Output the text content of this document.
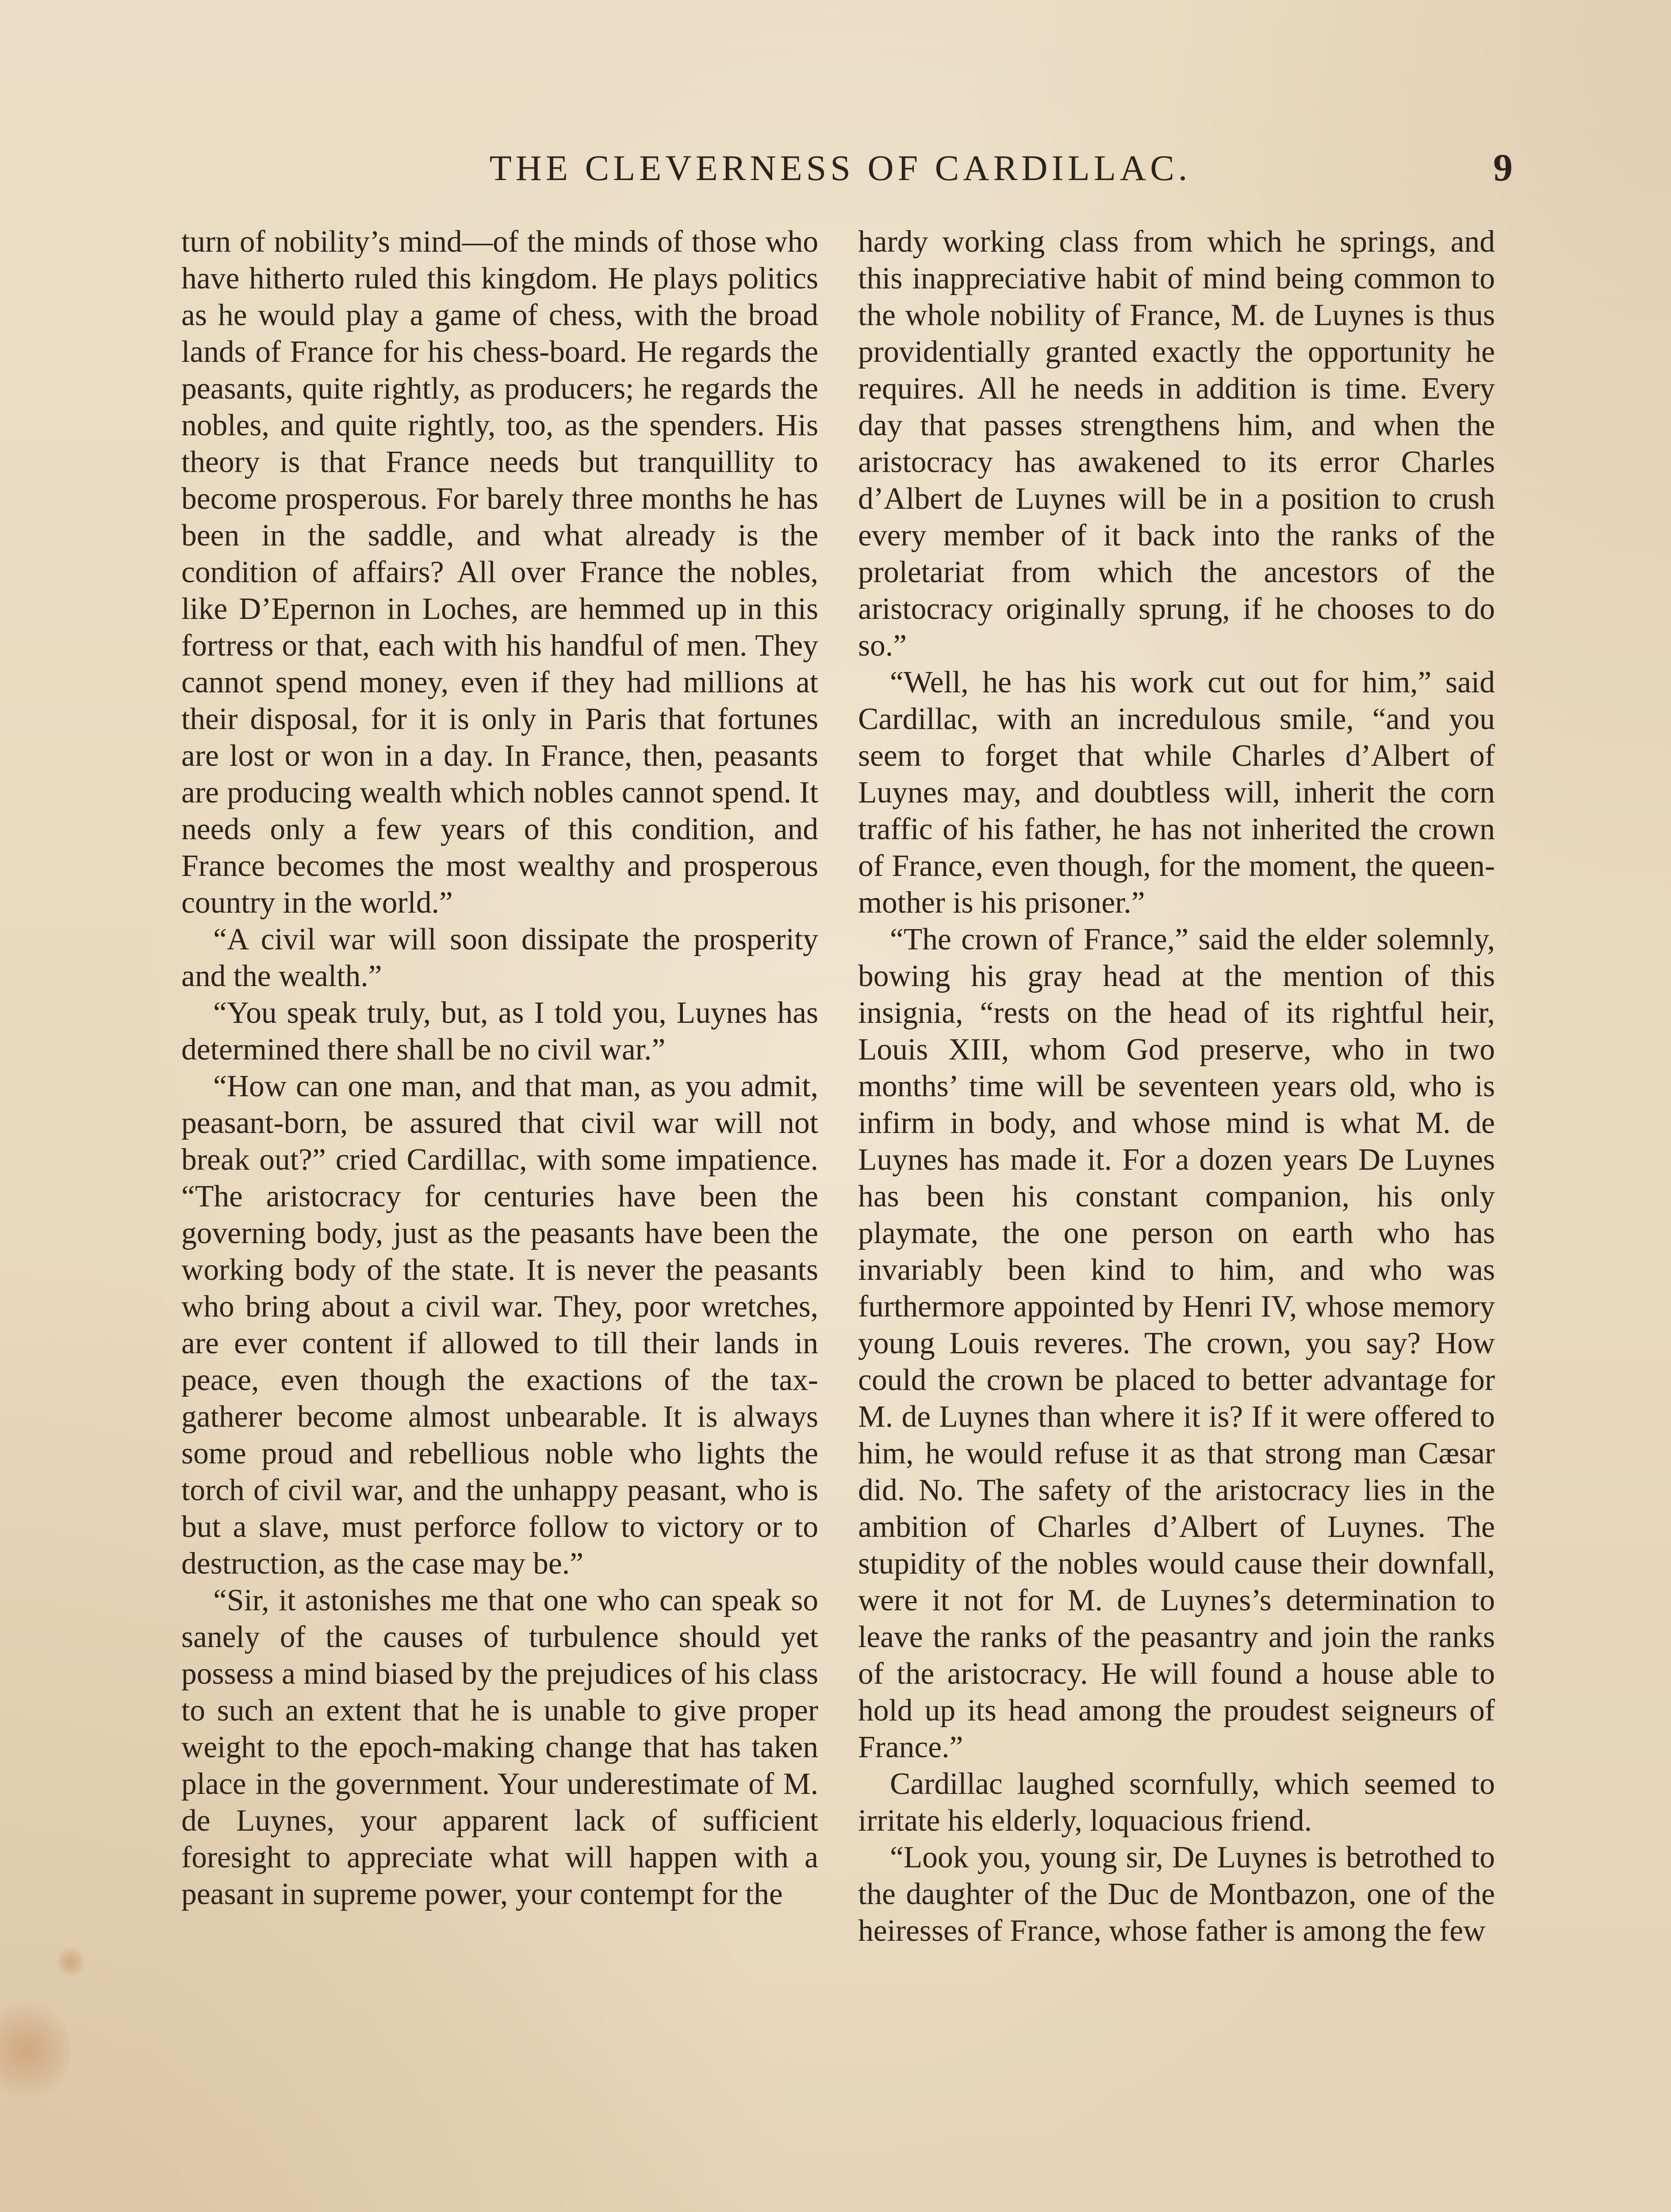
THE CLEVERNESS OF CARDILLAC.	9

turn of nobility’s mind—of the minds of those who have hitherto ruled this kingdom. He plays politics as he would play a game of chess, with the broad lands of France for his chess-board. He regards the peasants, quite rightly, as producers; he regards the nobles, and quite rightly, too, as the spenders. His theory is that France needs but tranquillity to become prosperous. For barely three months he has been in the saddle, and what already is the condition of affairs? All over France the nobles, like D’Epernon in Loches, are hemmed up in this fortress or that, each with his handful of men. They cannot spend money, even if they had millions at their disposal, for it is only in Paris that fortunes are lost or won in a day. In France, then, peasants are producing wealth which nobles cannot spend. It needs only a few years of this condition, and France becomes the most wealthy and prosperous country in the world.”

“A civil war will soon dissipate the prosperity and the wealth.”

“You speak truly, but, as I told you, Luynes has determined there shall be no civil war.”

“How can one man, and that man, as you admit, peasant-born, be assured that civil war will not break out?” cried Cardillac, with some impatience. “The aristocracy for centuries have been the governing body, just as the peasants have been the working body of the state. It is never the peasants who bring about a civil war. They, poor wretches, are ever content if allowed to till their lands in peace, even though the exactions of the tax-gatherer become almost unbearable. It is always some proud and rebellious noble who lights the torch of civil war, and the unhappy peasant, who is but a slave, must perforce follow to victory or to destruction, as the case may be.”

“Sir, it astonishes me that one who can speak so sanely of the causes of turbulence should yet possess a mind biased by the prejudices of his class to such an extent that he is unable to give proper weight to the epoch-making change that has taken place in the government. Your underestimate of M. de Luynes, your apparent lack of sufficient foresight to appreciate what will happen with a peasant in supreme power, your contempt for the

hardy working class from which he springs, and this inappreciative habit of mind being common to the whole nobility of France, M. de Luynes is thus providentially granted exactly the opportunity he requires. All he needs in addition is time. Every day that passes strengthens him, and when the aristocracy has awakened to its error Charles d’Albert de Luynes will be in a position to crush every member of it back into the ranks of the proletariat from which the ancestors of the aristocracy originally sprung, if he chooses to do so.”

“Well, he has his work cut out for him,” said Cardillac, with an incredulous smile, “and you seem to forget that while Charles d’Albert of Luynes may, and doubtless will, inherit the corn traffic of his father, he has not inherited the crown of France, even though, for the moment, the queen-mother is his prisoner.”

“The crown of France,” said the elder solemnly, bowing his gray head at the mention of this insignia, “rests on the head of its rightful heir, Louis XIII, whom God preserve, who in two months’ time will be seventeen years old, who is infirm in body, and whose mind is what M. de Luynes has made it. For a dozen years De Luynes has been his constant companion, his only playmate, the one person on earth who has invariably been kind to him, and who was furthermore appointed by Henri IV, whose memory young Louis reveres. The crown, you say? How could the crown be placed to better advantage for M. de Luynes than where it is? If it were offered to him, he would refuse it as that strong man Cæsar did. No. The safety of the aristocracy lies in the ambition of Charles d’Albert of Luynes. The stupidity of the nobles would cause their downfall, were it not for M. de Luynes’s determination to leave the ranks of the peasantry and join the ranks of the aristocracy. He will found a house able to hold up its head among the proudest seigneurs of France.”

Cardillac laughed scornfully, which seemed to irritate his elderly, loquacious friend.

“Look you, young sir, De Luynes is betrothed to the daughter of the Duc de Montbazon, one of the heiresses of France, whose father is among the few
